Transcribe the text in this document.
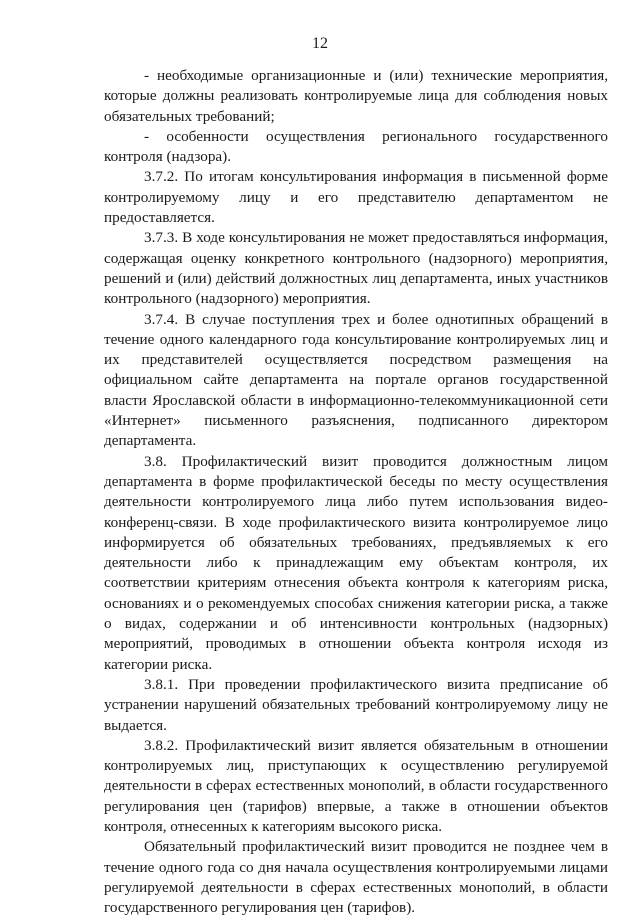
12

- необходимые организационные и (или) технические мероприятия, которые должны реализовать контролируемые лица для соблюдения новых обязательных требований;

- особенности осуществления регионального государственного контроля (надзора).

3.7.2. По итогам консультирования информация в письменной форме контролируемому лицу и его представителю департаментом не предоставляется.

3.7.3. В ходе консультирования не может предоставляться информация, содержащая оценку конкретного контрольного (надзорного) мероприятия, решений и (или) действий должностных лиц департамента, иных участников контрольного (надзорного) мероприятия.

3.7.4. В случае поступления трех и более однотипных обращений в течение одного календарного года консультирование контролируемых лиц и их представителей осуществляется посредством размещения на официальном сайте департамента на портале органов государственной власти Ярославской области в информационно-телекоммуникационной сети «Интернет» письменного разъяснения, подписанного директором департамента.

3.8. Профилактический визит проводится должностным лицом департамента в форме профилактической беседы по месту осуществления деятельности контролируемого лица либо путем использования видео-конференц-связи. В ходе профилактического визита контролируемое лицо информируется об обязательных требованиях, предъявляемых к его деятельности либо к принадлежащим ему объектам контроля, их соответствии критериям отнесения объекта контроля к категориям риска, основаниях и о рекомендуемых способах снижения категории риска, а также о видах, содержании и об интенсивности контрольных (надзорных) мероприятий, проводимых в отношении объекта контроля исходя из категории риска.

3.8.1. При проведении профилактического визита предписание об устранении нарушений обязательных требований контролируемому лицу не выдается.

3.8.2. Профилактический визит является обязательным в отношении контролируемых лиц, приступающих к осуществлению регулируемой деятельности в сферах естественных монополий, в области государственного регулирования цен (тарифов) впервые, а также в отношении объектов контроля, отнесенных к категориям высокого риска.

Обязательный профилактический визит проводится не позднее чем в течение одного года со дня начала осуществления контролируемыми лицами регулируемой деятельности в сферах естественных монополий, в области государственного регулирования цен (тарифов).
